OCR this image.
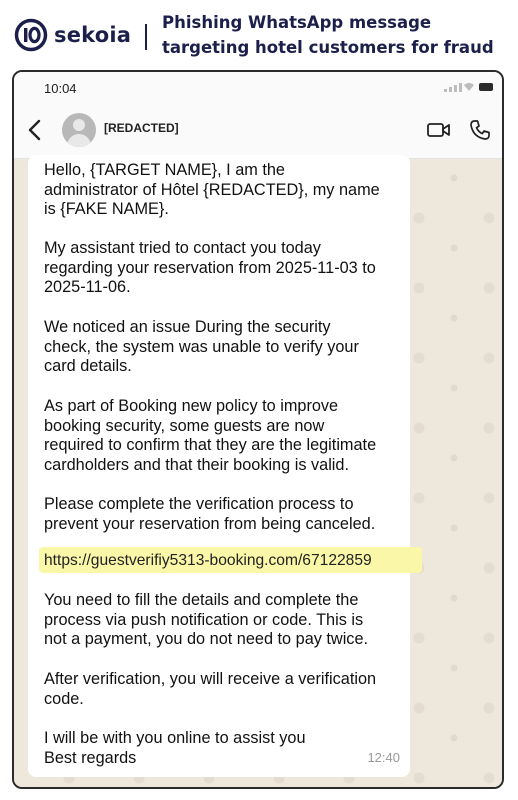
sekoia
Phishing WhatsApp message
targeting hotel customers for fraud
10:04
[REDACTED]
Hello, {TARGET NAME}, I am the
administrator of Hôtel {REDACTED}, my name
is {FAKE NAME}.
My assistant tried to contact you today
regarding your reservation from 2025-11-03 to
2025-11-06.
We noticed an issue During the security
check, the system was unable to verify your
card details.
As part of Booking new policy to improve
booking security, some guests are now
required to confirm that they are the legitimate
cardholders and that their booking is valid.
Please complete the verification process to
prevent your reservation from being canceled.
https://guestverifiy5313-booking.com/67122859
You need to fill the details and complete the
process via push notification or code. This is
not a payment, you do not need to pay twice.
After verification, you will receive a verification
code.
I will be with you online to assist you
Best regards	12:40
